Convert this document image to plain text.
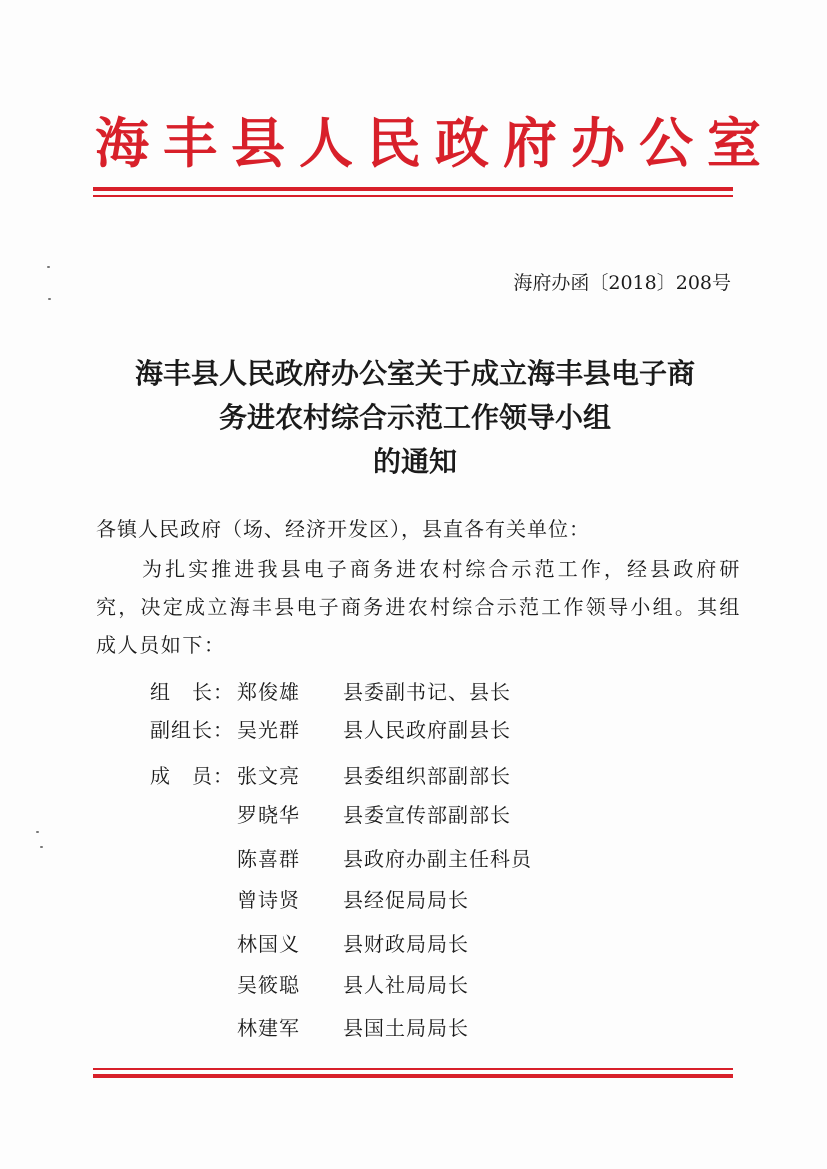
海丰县人民政府办公室
海府办函〔2018〕208号
海丰县人民政府办公室关于成立海丰县电子商
务进农村综合示范工作领导小组
的通知
各镇人民政府（场、经济开发区），县直各有关单位：
为扎实推进我县电子商务进农村综合示范工作，经县政府研究，决定成立海丰县电子商务进农村综合示范工作领导小组。其组成人员如下：
组　长： 郑俊雄	县委副书记、县长
副组长： 吴光群	县人民政府副县长
成　员： 张文亮	县委组织部副部长
罗晓华	县委宣传部副部长
陈喜群	县政府办副主任科员
曾诗贤	县经促局局长
林国义	县财政局局长
吴筱聪	县人社局局长
林建军	县国土局局长
